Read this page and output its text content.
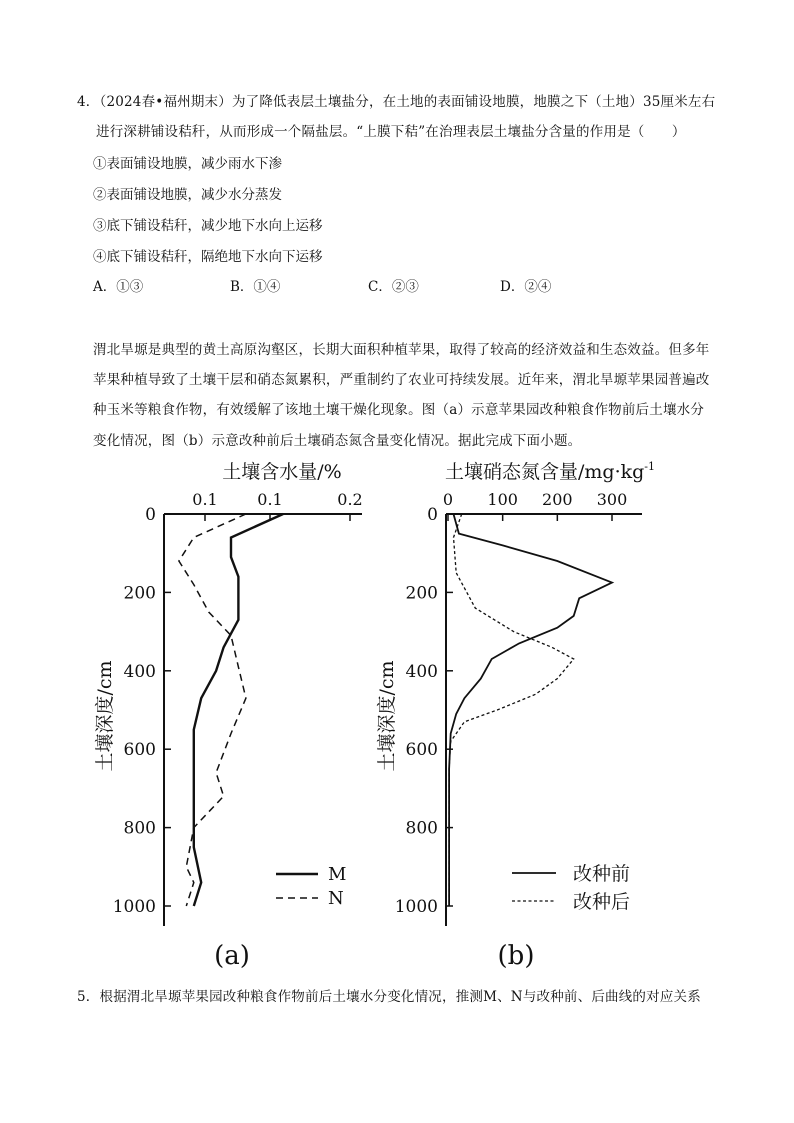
4．（2024春•福州期末）为了降低表层土壤盐分，在土地的表面铺设地膜，地膜之下（土地）35厘米左右
进行深耕铺设秸秆，从而形成一个隔盐层。“上膜下秸”在治理表层土壤盐分含量的作用是（　　）
①表面铺设地膜，减少雨水下渗
②表面铺设地膜，减少水分蒸发
③底下铺设秸秆，减少地下水向上运移
④底下铺设秸秆，隔绝地下水向下运移
A．①③	B．①④	C．②③	D．②④
渭北旱塬是典型的黄土高原沟壑区，长期大面积种植苹果，取得了较高的经济效益和生态效益。但多年
苹果种植导致了土壤干层和硝态氮累积，严重制约了农业可持续发展。近年来，渭北旱塬苹果园普遍改
种玉米等粮食作物，有效缓解了该地土壤干燥化现象。图（a）示意苹果园改种粮食作物前后土壤水分
变化情况，图（b）示意改种前后土壤硝态氮含量变化情况。据此完成下面小题。
土壤含水量/%
0.1 0.1	0.2
0
200
400
600
800
1000
土壤深度/cm
M
N
(a)
土壤硝态氮含量$/mg\cdot kg^{-1}$
0 100 200 300
0
200
400
600
800
1000
土壤深度/cm
改种前
改种后
(b)
5．根据渭北旱塬苹果园改种粮食作物前后土壤水分变化情况，推测M、N与改种前、后曲线的对应关系
